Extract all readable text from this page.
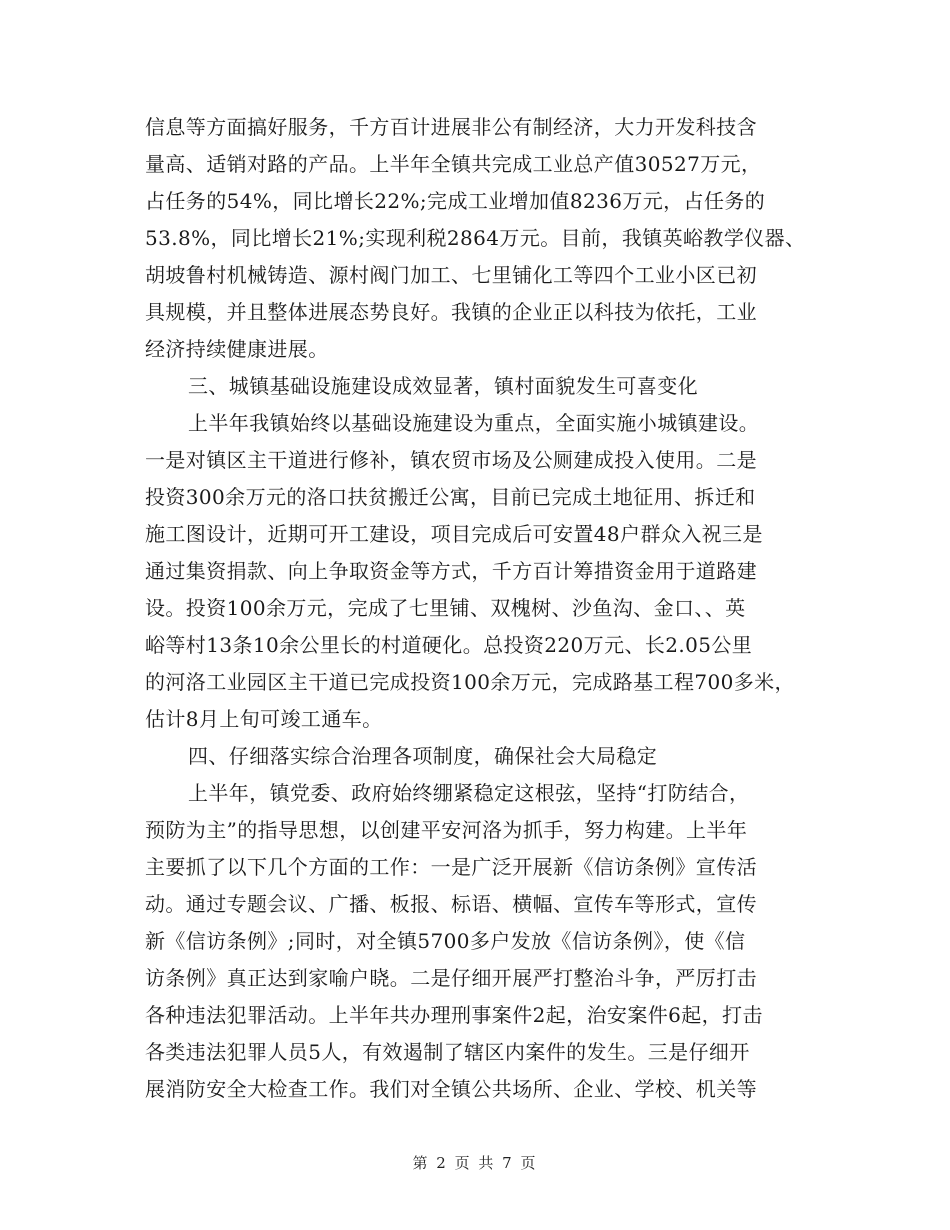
信息等方面搞好服务，千方百计进展非公有制经济，大力开发科技含
量高、适销对路的产品。上半年全镇共完成工业总产值30527万元，
占任务的54%，同比增长22%;完成工业增加值8236万元，占任务的
53.8%，同比增长21%;实现利税2864万元。目前，我镇英峪教学仪器、
胡坡鲁村机械铸造、源村阀门加工、七里铺化工等四个工业小区已初
具规模，并且整体进展态势良好。我镇的企业正以科技为依托，工业
经济持续健康进展。
三、城镇基础设施建设成效显著，镇村面貌发生可喜变化
上半年我镇始终以基础设施建设为重点，全面实施小城镇建设。
一是对镇区主干道进行修补，镇农贸市场及公厕建成投入使用。二是
投资300余万元的洛口扶贫搬迁公寓，目前已完成土地征用、拆迁和
施工图设计，近期可开工建设，项目完成后可安置48户群众入祝三是
通过集资捐款、向上争取资金等方式，千方百计筹措资金用于道路建
设。投资100余万元，完成了七里铺、双槐树、沙鱼沟、金口、、英
峪等村13条10余公里长的村道硬化。总投资220万元、长2.05公里
的河洛工业园区主干道已完成投资100余万元，完成路基工程700多米，
估计8月上旬可竣工通车。
四、仔细落实综合治理各项制度，确保社会大局稳定
上半年，镇党委、政府始终绷紧稳定这根弦，坚持“打防结合，
预防为主”的指导思想，以创建平安河洛为抓手，努力构建。上半年
主要抓了以下几个方面的工作：一是广泛开展新《信访条例》宣传活
动。通过专题会议、广播、板报、标语、横幅、宣传车等形式，宣传
新《信访条例》;同时，对全镇5700多户发放《信访条例》，使《信
访条例》真正达到家喻户晓。二是仔细开展严打整治斗争，严厉打击
各种违法犯罪活动。上半年共办理刑事案件2起，治安案件6起，打击
各类违法犯罪人员5人，有效遏制了辖区内案件的发生。三是仔细开
展消防安全大检查工作。我们对全镇公共场所、企业、学校、机关等
第 2 页 共 7 页
